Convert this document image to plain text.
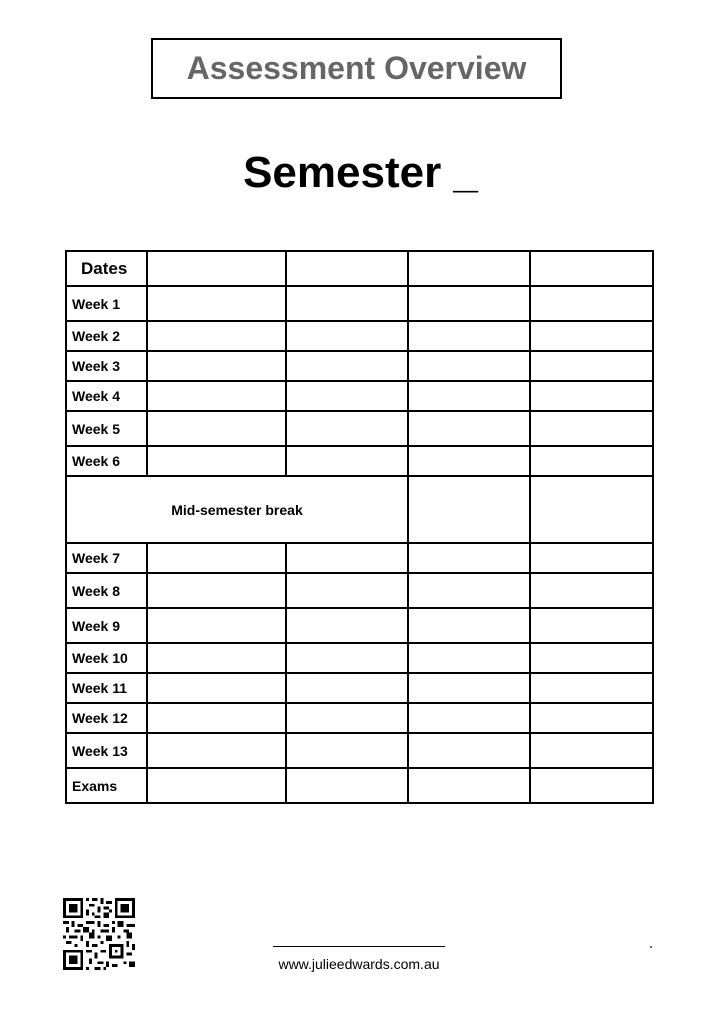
Assessment Overview
Semester _
Dates				
Week 1				
Week 2				
Week 3				
Week 4				
Week 5				
Week 6				
Mid-semester break				
Week 7				
Week 8				
Week 9				
Week 10				
Week 11				
Week 12				
Week 13				
Exams				
www.julieedwards.com.au
